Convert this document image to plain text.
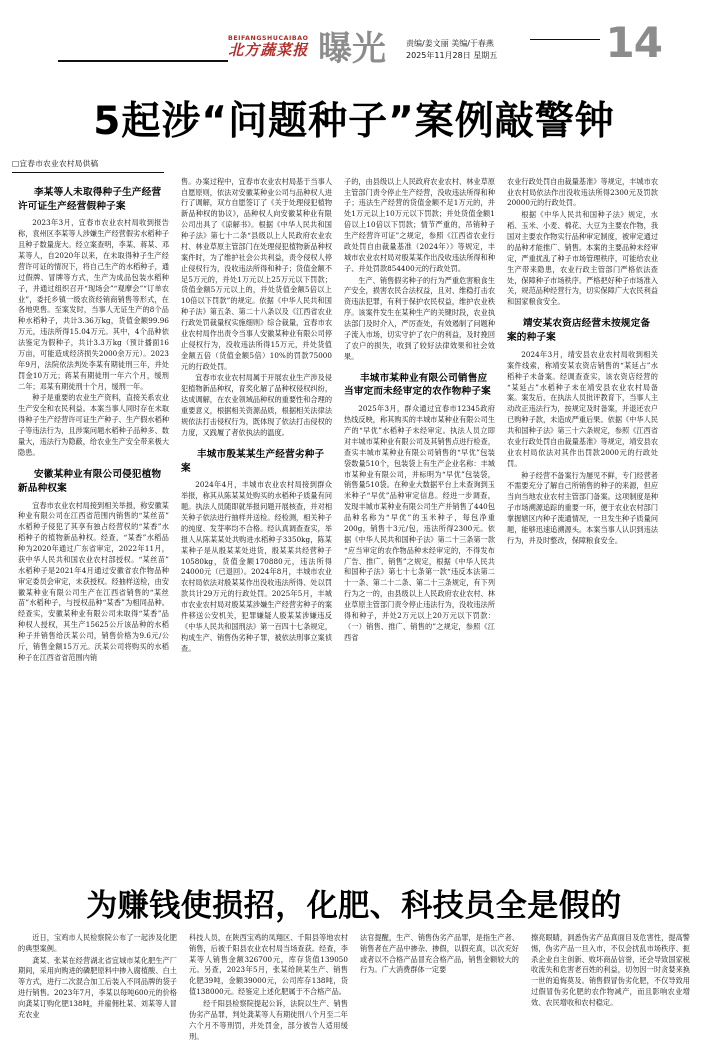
BEIFANGSHUCAIBAO
北方蔬菜报 曝光	责编/姜文丽 美编/于春燕
2025年11月28日 星期五	14
5起涉“问题种子”案例敲警钟
□宜春市农业农村局供稿
李某等人未取得种子生产经营许可证生产经营假种子案

2023年3月，宜春市农业农村局收到报告称，袁州区李某等人涉嫌生产经营假劣水稻种子且种子数量庞大。经立案查明，李某、蒋某、邓某等人，自2020年以来，在未取得种子生产经营许可证的情况下，将自己生产的水稻种子，通过假牌、冒牌等方式，生产为成品包装水稻种子，并通过组织召开“现场会”“观摩会”“订单农业”，委托乡镇一级农资经销商销售等形式，在各地兜售。至案发时，当事人无证生产的8个品种水稻种子，共计3.36万kg，货值金额99.96万元，违法所得15.04万元。其中，4个品种依法鉴定为假种子，共计3.3万kg（预计播面16万亩，可能造成经济损失2000余万元）。2023年9月，法院依法判处李某有期徒刑三年，并处罚金10万元；蒋某有期徒刑一年六个月，缓刑二年；邓某有期徒刑十个月，缓刑一年。

种子是重要的农业生产资料，直接关系农业生产安全和农民利益。本案当事人同时存在未取得种子生产经营许可证生产种子、生产假水稻种子等违法行为，且涉案问题水稻种子品种多、数量大，违法行为隐蔽，给农业生产安全带来极大隐患。

安徽某种业有限公司侵犯植物新品种权案

宜春市农业农村局接到相关举报，称安徽某种业有限公司在江西省范围内销售的“某丝苗”水稻种子侵犯了其享有独占经营权的“某香”水稻种子的植物新品种权。经查，“某香”水稻品种为2020年通过广东省审定，2022年11月，获中华人民共和国农业农村部授权。“某丝苗”水稻种子是2021年4月通过安徽省农作物品种审定委员会审定，未获授权。经抽样送检，由安徽某种业有限公司生产在江西省销售的“某丝苗”水稻种子，与授权品种“某香”为相同品种。经查实，安徽某种业有限公司未取得“某香”品种权人授权，其生产15625公斤该品种的水稻种子并销售给沃某公司，销售价格为9.6元/公斤，销售金额15万元。沃某公司将购买的水稻种子在江西省省范围内销

售。办案过程中，宜春市农业农村局基于当事人自愿原则，依法对安徽某种业公司与品种权人进行了调解，双方自愿签订了《关于处理侵犯植物新品种权的协议》，品种权人向安徽某种业有限公司出具了《谅解书》。根据《中华人民共和国种子法》第七十二条“县级以上人民政府农业农村、林业草原主管部门在处理侵犯植物新品种权案件时，为了维护社会公共利益，责令侵权人停止侵权行为，没收违法所得和种子；货值金额不足5万元的，并处1万元以上25万元以下罚款；货值金额5万元以上的，并处货值金额5倍以上10倍以下罚款”的规定。依据《中华人民共和国种子法》第五条、第二十八条以及《江西省农业行政处罚裁量权实施细则》综合裁量，宜春市农业农村局作出责令当事人安徽某种业有限公司停止侵权行为，没收违法所得15万元，并处货值金额五倍（货值金额5倍）10%的罚款75000元的行政处罚。

宜春市农业农村局属于开展农业生产涉及侵犯植物新品种权，育奖化解了品种权侵权纠纷，达成调解，在农业领域品种权的重要性和合理的重要意义，根据相关资源品质，根据相关法律法规依法打击侵权行为，既体现了依法打击侵权的力度，又践履了者依执法的温度。

丰城市殷某某生产经营劣种子案

2024年4月，丰城市农业农村局接到群众举报，称其从陈某某处购买的水稻种子质量有问题。执法人员随即就举报问题开展核查，并对相关种子依法进行抽样并送检。经检测，相关种子的纯度、发芽率均不合格。经认真调查查实，举报人从陈某某处共购进水稻种子3350kg，陈某某种子是从殷某某处进货，殷某某共经营种子10580kg，货值金额170880元，违法所得24000元（已退回）。2024年8月，丰城市农业农村局依法对殷某某作出没收违法所得、处以罚款共计29万元的行政处罚。2025年5月，丰城市农业农村局对殷某某涉嫌生产经营劣种子的案件移送公安机关，犯罪嫌疑人殷某某涉嫌违反《中华人民共和国刑法》第一百四十七条规定，构成生产、销售伪劣种子罪，被依法刑事立案侦查。

子的，由县级以上人民政府农业农村、林业草原主管部门责令停止生产经营，没收违法所得和种子；违法生产经营的货值金额不足1万元的，并处1万元以上10万元以下罚款；并处货值金额1倍以上10倍以下罚款；情节严重的，吊销种子生产经营许可证”之规定，参照《江西省农业行政处罚自由裁量基准（2024年）》等规定，丰城市农业农村局对殷某某作出没收违法所得和种子、并处罚款854400元的行政处罚。

生产、销售假劣种子的行为严重危害粮食生产安全，损害农民合法权益，且对、维稳打击农资违法犯罪，有利于保护农民权益，维护农业秩序。该案件发生在某种生产的关键时段，农业执法部门及时介入，严厉查处，有效遏制了问题种子流入市场，切实守护了农户的利益，及时挽回了农户的损失，收到了较好法律效果和社会效果。

丰城市某种业有限公司销售应当审定而未经审定的农作物种子案

2025年3月，群众通过宜春市12345政府热线反映，称其购买的丰城市某种业有限公司生产的“早优”水稻种子未经审定。执法人员立即对丰城市某种业有限公司及其销售点进行检查，查实丰城市某种业有限公司销售的“早优”包装袋数量510个，包装袋上有生产企业名称：丰城市某种业有限公司，并标明为“早优”包装袋，销售量510袋。在种业大数据平台上未查询到玉米种子“早优”品种审定信息。经进一步调查，发现丰城市某种业有限公司生产并销售了440包品种名称为“早优”的玉米种子，每包净重200g，销售十3元/包，违法所得2300元。依据《中华人民共和国种子法》第二十三条第一款“应当审定的农作物品种未经审定的，不得发布广告、推广、销售”之规定，根据《中华人民共和国种子法》第七十七条第一款“违反本法第二十一条、第二十二条、第二十三条规定，有下列行为之一的，由县级以上人民政府农业农村、林业草原主管部门责令停止违法行为，没收违法所得和种子，并处2万元以上20万元以下罚款：（一）销售、推广、销售的”之规定，参照《江西省

农业行政处罚自由裁量基准》等规定，丰城市农业农村局依法作出没收违法所得2300元及罚款20000元的行政处罚。

根据《中华人民共和国种子法》规定，水稻、玉米、小麦、棉花、大豆为主要农作物，我国对主要农作物实行品种审定制度，被审定通过的品种才能推广、销售。本案的主要品种未经审定，严重扰乱了种子市场管理秩序，可能给农业生产带来隐患，农业行政主管部门严格依法查处，保障种子市场秩序。严格把好种子市场准入关，规范品种经营行为，切实保障广大农民利益和国家粮食安全。

靖安某农资店经营未按规定备案的种子案

2024年3月，靖安县农业农村局收到相关案件线索，称靖安某农资店销售的“某延占”水稻种子未备案。经调查查实，该农资店经营的“某延占”水稻种子未在靖安县农业农村局备案。案发后，在执法人员批评教育下，当事人主动改正违法行为，按规定及时备案，并退还农户已购种子款，未造成严重后果。依据《中华人民共和国种子法》第三十六条规定，参照《江西省农业行政处罚自由裁量基准》等规定，靖安县农业农村局依法对其作出罚款2000元的行政处罚。

种子经营不备案行为屡见不鲜，专门经营者不需要充分了解自己所销售的种子的来源，但应当向当地农业农村主管部门备案。这项制度是种子市场溯源追踪的重要一环，便于农业农村部门掌握辖区内种子流通情况，一旦发生种子质量问题，能够迅速追溯源头。本案当事人认识到违法行为，并及时整改，保障粮食安全。

为赚钱使损招，化肥、科技员全是假的

近日，宝鸡市人民检察院公布了一起涉及化肥的典型案例。

龚某、张某在经营湖北省宜城市某化肥生产厂期间，采用向购进的磷肥原料中掺入腐植酸、白土等方式，进行二次混合加工后装入不同品牌的袋子进行销售。2023年7月，李某以每吨600元的价格向龚某订购化肥138吨，并雇佣杜某、刘某等人冒充农业

科技人员，在陕西宝鸡的凤翔区、千阳县等地农村销售，后被千阳县农业农村局当场查获。经查，李某等人销售金额326700元，库存货值139050元。另查，2023年5月，张某给陕某生产、销售化肥39吨，金额39000元，公司库存138吨，货值138000元。经鉴定上述化肥属于不合格产品。

经千阳县检察院提起公诉，法院以生产、销售伪劣产品罪，判处龚某等人有期徒刑八个月至二年六个月不等刑罚，并处罚金，部分被告人适用缓刑。

法官提醒，生产、销售伪劣产品罪，是指生产者、销售者在产品中掺杂、掺假，以假充真，以次充好或者以不合格产品冒充合格产品，销售金额较大的行为。广大消费群体一定要

擦亮眼睛，洞悉伪劣产品真面目及危害性，提高警惕，伪劣产品一旦入市，不仅会扰乱市场秩序、扼杀企业自主创新、败坏商品信誉，还会导致国家税收流失和危害老百姓的利益，切勿因一时贪婪来换一世的追悔莫及。销售假冒伪劣化肥，不仅导致用过假冒伪劣化肥的农作物减产，而且影响农业增效、农民增收和农村稳定。
